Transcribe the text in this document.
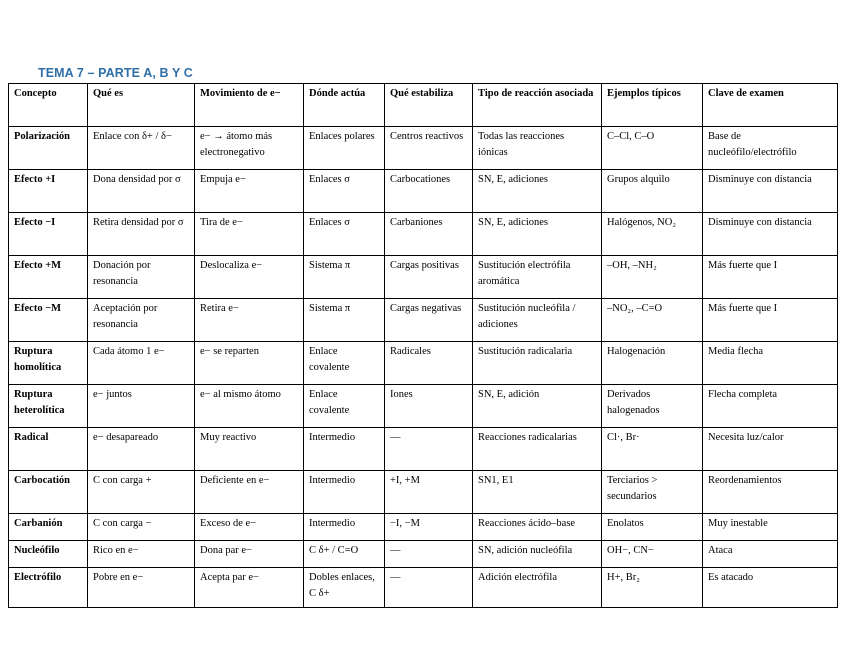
TEMA 7 – PARTE A, B Y C
Concepto	Qué es	Movimiento de e−	Dónde actúa	Qué estabiliza	Tipo de reacción asociada	Ejemplos típicos	Clave de examen
Polarización	Enlace con δ+ / δ−	e− → átomo más electronegativo	Enlaces polares	Centros reactivos	Todas las reacciones iónicas	C–Cl, C–O	Base de nucleófilo/electrófilo
Efecto +I	Dona densidad por σ	Empuja e−	Enlaces σ	Carbocationes	SN, E, adiciones	Grupos alquilo	Disminuye con distancia
Efecto −I	Retira densidad por σ	Tira de e−	Enlaces σ	Carbaniones	SN, E, adiciones	Halógenos, NO₂	Disminuye con distancia
Efecto +M	Donación por resonancia	Deslocaliza e−	Sistema π	Cargas positivas	Sustitución electrófila aromática	–OH, –NH₂	Más fuerte que I
Efecto −M	Aceptación por resonancia	Retira e−	Sistema π	Cargas negativas	Sustitución nucleófila / adiciones	–NO₂, –C=O	Más fuerte que I
Ruptura homolítica	Cada átomo 1 e−	e− se reparten	Enlace covalente	Radicales	Sustitución radicalaria	Halogenación	Media flecha
Ruptura heterolítica	e− juntos	e− al mismo átomo	Enlace covalente	Iones	SN, E, adición	Derivados halogenados	Flecha completa
Radical	e− desapareado	Muy reactivo	Intermedio	—	Reacciones radicalarias	Cl·, Br·	Necesita luz/calor
Carbocatión	C con carga +	Deficiente en e−	Intermedio	+I, +M	SN1, E1	Terciarios > secundarios	Reordenamientos
Carbanión	C con carga −	Exceso de e−	Intermedio	−I, −M	Reacciones ácido–base	Enolatos	Muy inestable
Nucleófilo	Rico en e−	Dona par e−	C δ+ / C=O	—	SN, adición nucleófila	OH−, CN−	Ataca
Electrófilo	Pobre en e−	Acepta par e−	Dobles enlaces, C δ+	—	Adición electrófila	H+, Br₂	Es atacado
